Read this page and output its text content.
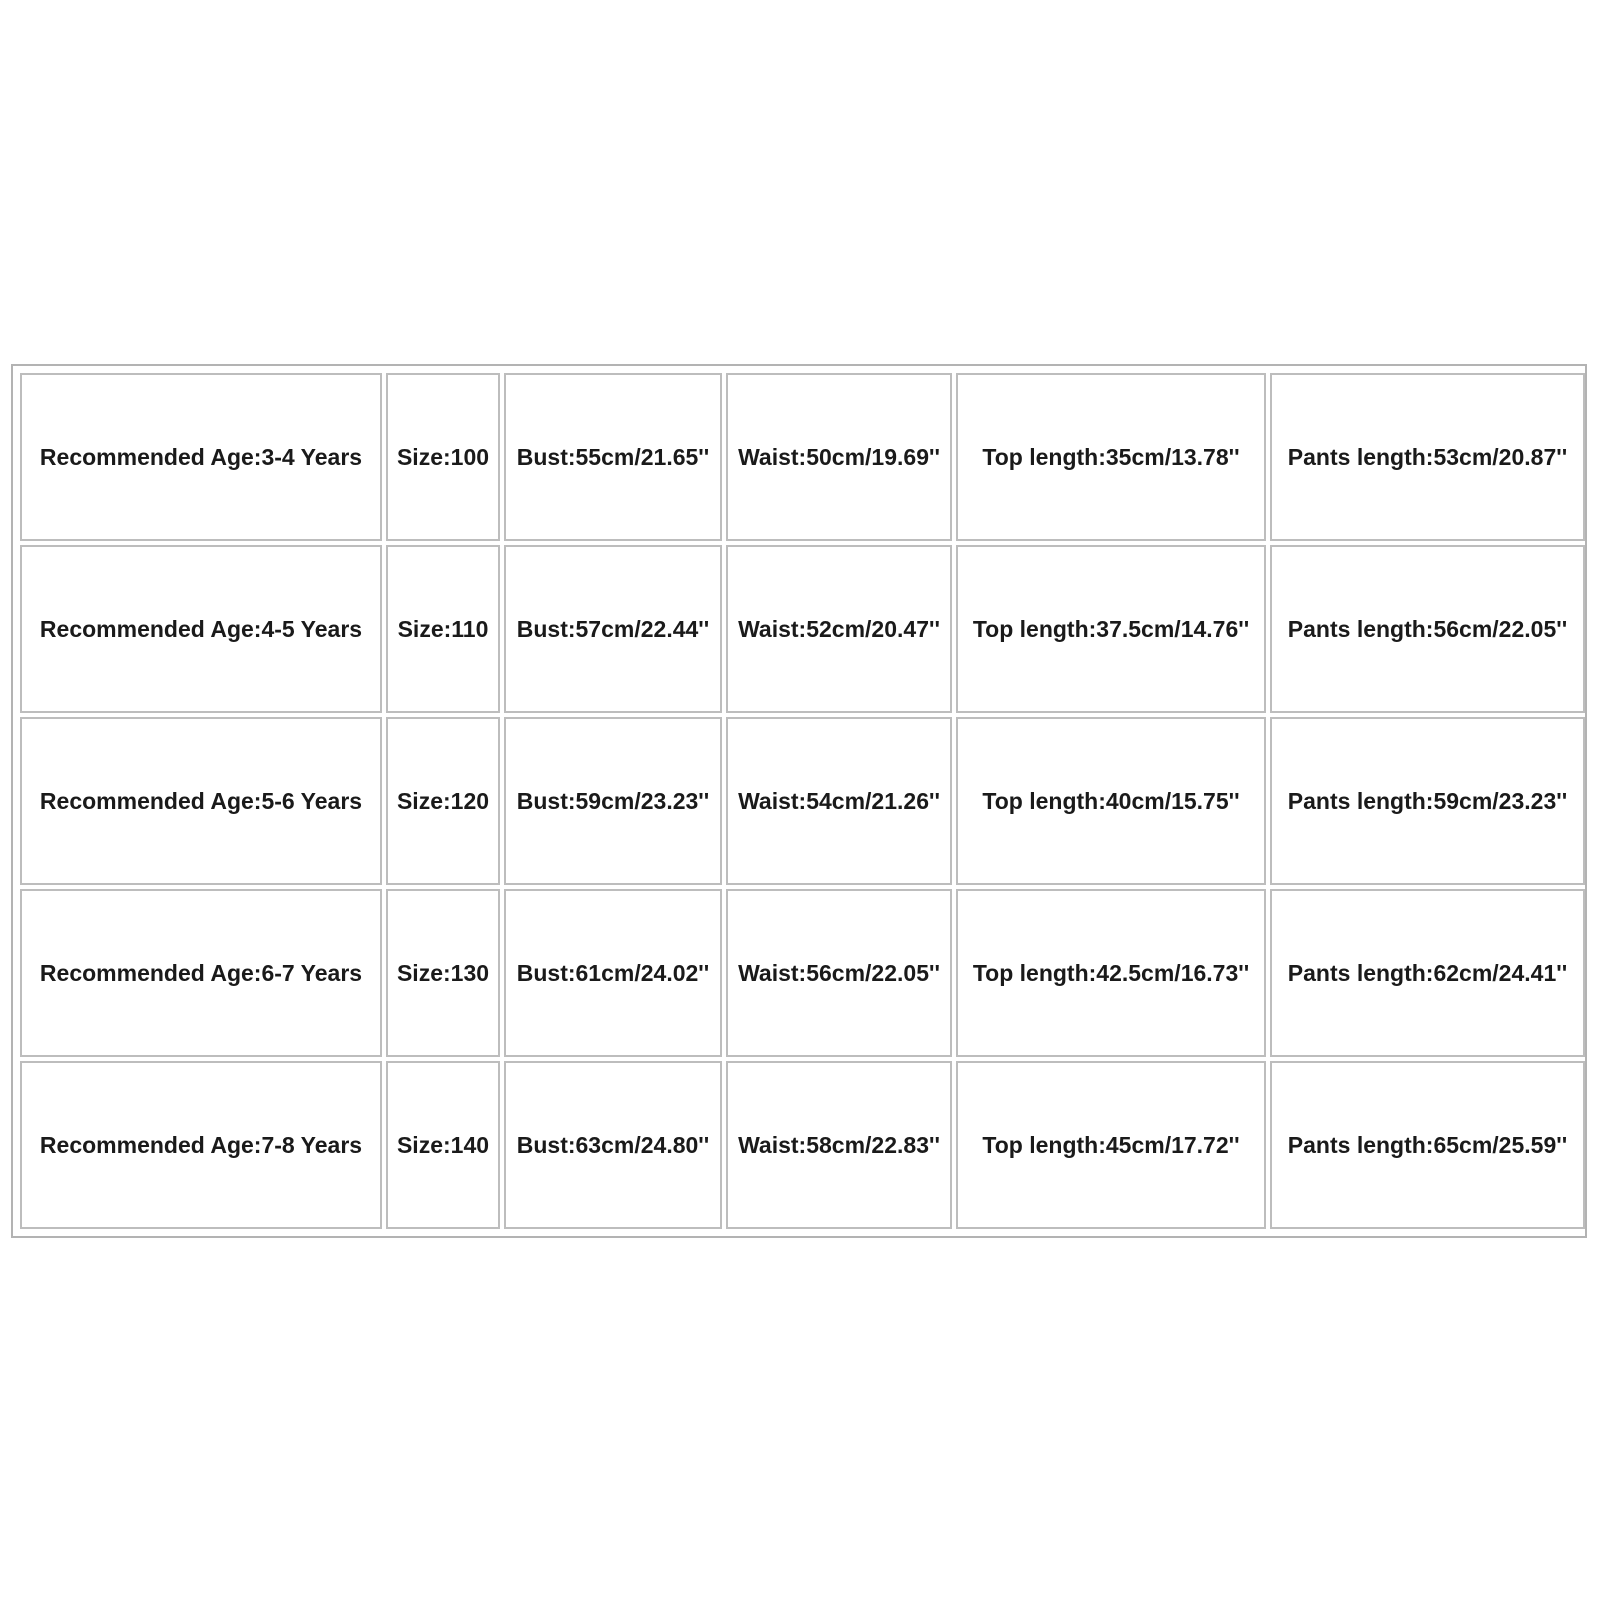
Recommended Age:3-4 Years	Size:100	Bust:55cm/21.65''	Waist:50cm/19.69''	Top length:35cm/13.78''	Pants length:53cm/20.87''
Recommended Age:4-5 Years	Size:110	Bust:57cm/22.44''	Waist:52cm/20.47''	Top length:37.5cm/14.76''	Pants length:56cm/22.05''
Recommended Age:5-6 Years	Size:120	Bust:59cm/23.23''	Waist:54cm/21.26''	Top length:40cm/15.75''	Pants length:59cm/23.23''
Recommended Age:6-7 Years	Size:130	Bust:61cm/24.02''	Waist:56cm/22.05''	Top length:42.5cm/16.73''	Pants length:62cm/24.41''
Recommended Age:7-8 Years	Size:140	Bust:63cm/24.80''	Waist:58cm/22.83''	Top length:45cm/17.72''	Pants length:65cm/25.59''
